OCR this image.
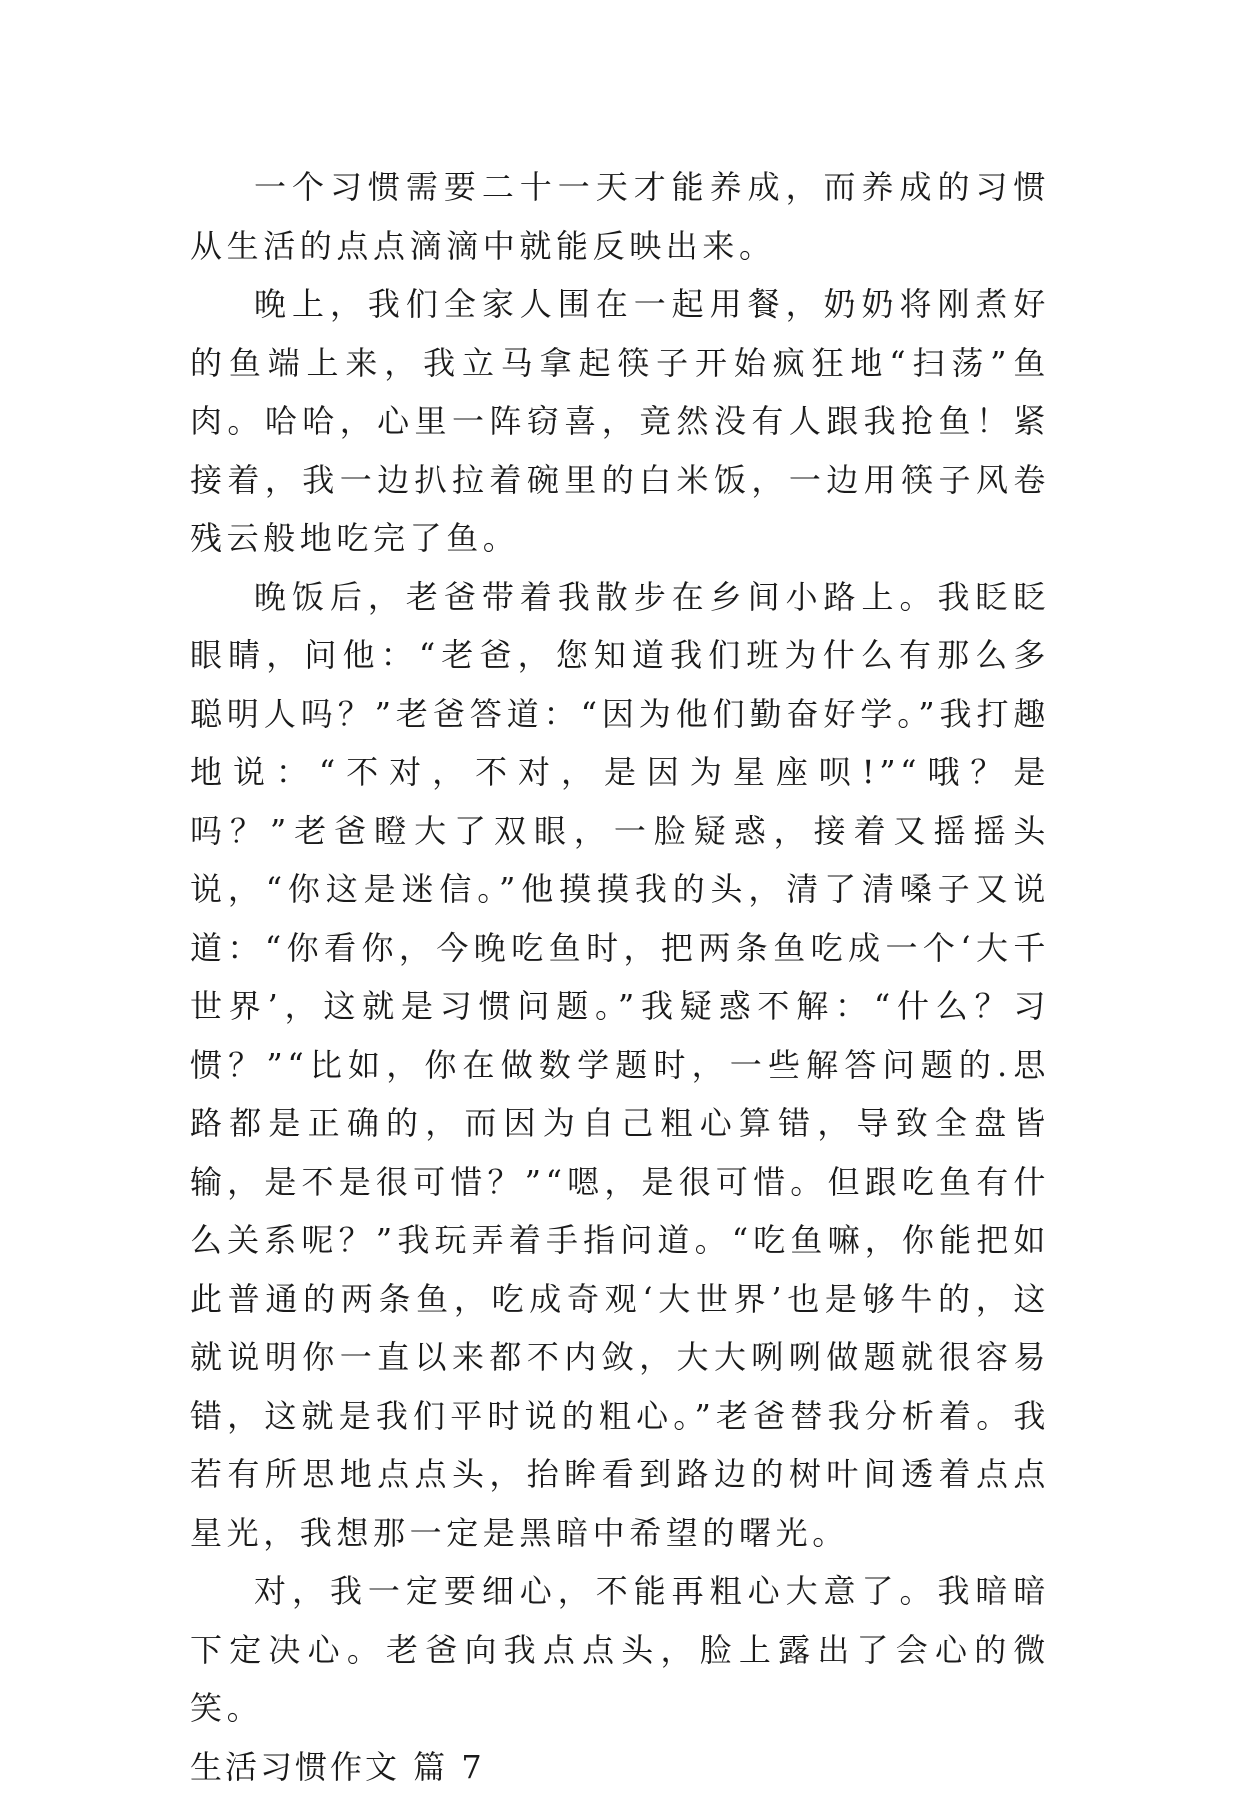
一个习惯需要二十一天才能养成，而养成的习惯从生活的点点滴滴中就能反映出来。

晚上，我们全家人围在一起用餐，奶奶将刚煮好的鱼端上来，我立马拿起筷子开始疯狂地“扫荡”鱼肉。哈哈，心里一阵窃喜，竟然没有人跟我抢鱼！紧接着，我一边扒拉着碗里的白米饭，一边用筷子风卷残云般地吃完了鱼。

晚饭后，老爸带着我散步在乡间小路上。我眨眨眼睛，问他：“老爸，您知道我们班为什么有那么多聪明人吗？”老爸答道：“因为他们勤奋好学。”我打趣地说：“不对，不对，是因为星座呗!”“哦？是吗？”老爸瞪大了双眼，一脸疑惑，接着又摇摇头说，“你这是迷信。”他摸摸我的头，清了清嗓子又说道：“你看你，今晚吃鱼时，把两条鱼吃成一个‘大千世界’，这就是习惯问题。”我疑惑不解：“什么？习惯？”“比如，你在做数学题时，一些解答问题的.思路都是正确的，而因为自己粗心算错，导致全盘皆输，是不是很可惜？”“嗯，是很可惜。但跟吃鱼有什么关系呢？”我玩弄着手指问道。“吃鱼嘛，你能把如此普通的两条鱼，吃成奇观‘大世界’也是够牛的，这就说明你一直以来都不内敛，大大咧咧做题就很容易错，这就是我们平时说的粗心。”老爸替我分析着。我若有所思地点点头，抬眸看到路边的树叶间透着点点星光，我想那一定是黑暗中希望的曙光。

对，我一定要细心，不能再粗心大意了。我暗暗下定决心。老爸向我点点头，脸上露出了会心的微笑。

生活习惯作文 篇 7
